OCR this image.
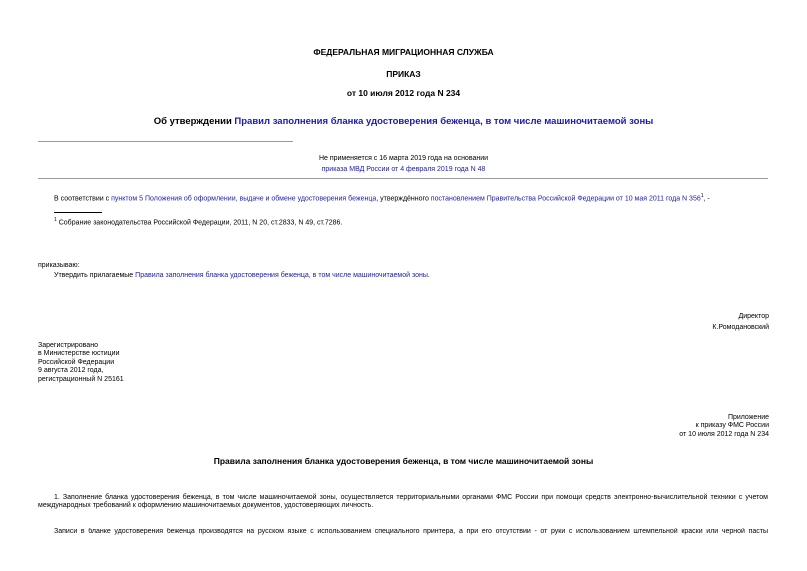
ФЕДЕРАЛЬНАЯ МИГРАЦИОННАЯ СЛУЖБА
ПРИКАЗ
от 10 июля 2012 года N 234
Об утверждении Правил заполнения бланка удостоверения беженца, в том числе машиночитаемой зоны
Не применяется с 16 марта 2019 года на основании
приказа МВД России от 4 февраля 2019 года N 48
В соответствии с пунктом 5 Положения об оформлении, выдаче и обмене удостоверения беженца, утверждённого постановлением Правительства Российской Федерации от 10 мая 2011 года N $356^1$, -
$^1$ Собрание законодательства Российской Федерации, 2011, N 20, ст.2833, N 49, ст.7286.
приказываю:
Утвердить прилагаемые Правила заполнения бланка удостоверения беженца, в том числе машиночитаемой зоны.
Директор
К.Ромодановский
Зарегистрировано
в Министерстве юстиции
Российской Федерации
9 августа 2012 года,
регистрационный N 25161
Приложение
к приказу ФМС России
от 10 июля 2012 года N 234
Правила заполнения бланка удостоверения беженца, в том числе машиночитаемой зоны
1. Заполнение бланка удостоверения беженца, в том числе машиночитаемой зоны, осуществляется территориальными органами ФМС России при помощи средств электронно-вычислительной техники с учетом международных требований к оформлению машиночитаемых документов, удостоверяющих личность.
Записи в бланке удостоверения беженца производятся на русском языке с использованием специального принтера, а при его отсутствии - от руки с использованием штемпельной краски или черной пасты
